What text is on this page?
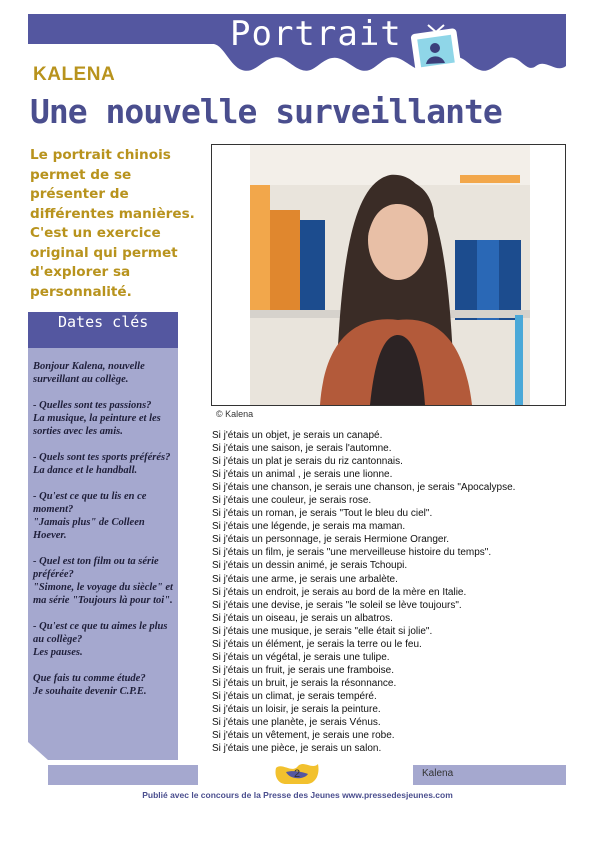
Portrait
KALENA
Une nouvelle surveillante
Le portrait chinois permet de se présenter de différentes manières. C'est un exercice original qui permet d'explorer sa personnalité.
© Kalena
Dates clés

Bonjour Kalena, nouvelle surveillant au collège.

- Quelles sont tes passions?
La musique, la peinture et les sorties avec les amis.

- Quels sont tes sports préférés?
La dance et le handball.

- Qu'est ce que tu lis en ce moment?
"Jamais plus" de Colleen Hoever.

- Quel est ton film ou ta série préférée?
"Simone, le voyage du siècle" et ma série "Toujours là pour toi".

- Qu'est ce que tu aimes le plus au collège?
Les pauses.

Que fais tu comme étude?
Je souhaite devenir C.P.E.

Si j'étais un objet, je serais un canapé.
Si j'étais une saison, je serais l'automne.
Si j'étais un plat je serais du riz cantonnais.
Si j'étais un animal , je serais une lionne.
Si j'étais une chanson, je serais une chanson, je serais "Apocalypse.
Si j'étais une couleur, je serais rose.
Si j'étais un roman, je serais "Tout le bleu du ciel".
Si j'étais une légende, je serais ma maman.
Si j'étais un personnage, je serais Hermione Oranger.
Si j'étais un film, je serais "une merveilleuse histoire du temps".
Si j'étais un dessin animé, je serais Tchoupi.
Si j'étais une arme, je serais une arbalète.
Si j'étais un endroit, je serais au bord de la mère en Italie.
Si j'étais une devise, je serais "le soleil se lève toujours".
Si j'étais un oiseau, je serais un albatros.
Si j'étais une musique, je serais "elle était si jolie".
Si j'étais un élément, je serais la terre ou le feu.
Si j'étais un végétal, je serais une tulipe.
Si j'étais un fruit, je serais une framboise.
Si j'étais un bruit, je serais la résonnance.
Si j'étais un climat, je serais tempéré.
Si j'étais un loisir, je serais la peinture.
Si j'étais une planète, je serais Vénus.
Si j'étais un vêtement, je serais une robe.
Si j'étais une pièce, je serais un salon.
2	Kalena
Publié avec le concours de la Presse des Jeunes www.pressedesjeunes.com
